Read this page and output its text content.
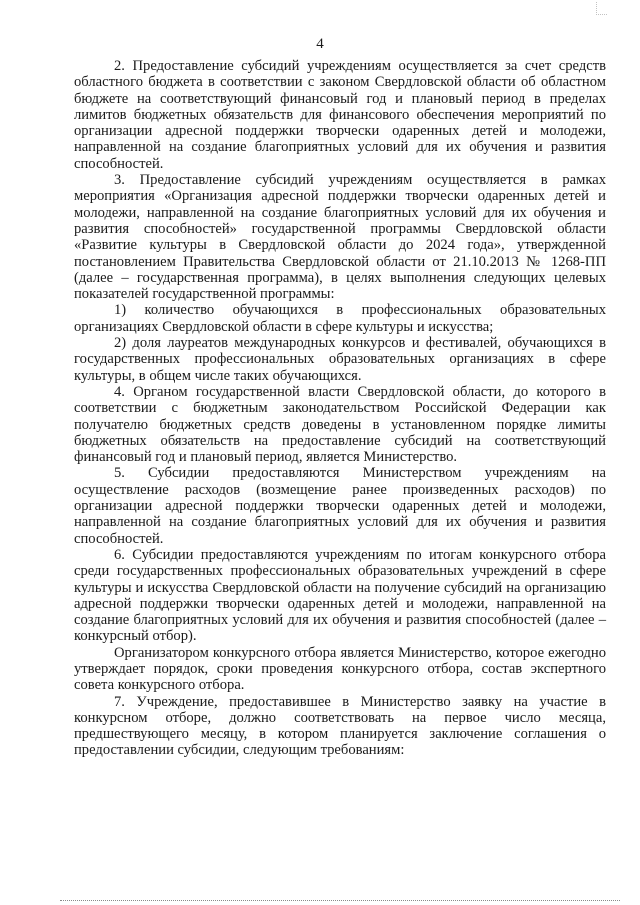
4

2. Предоставление субсидий учреждениям осуществляется за счет средств областного бюджета в соответствии с законом Свердловской области об областном бюджете на соответствующий финансовый год и плановый период в пределах лимитов бюджетных обязательств для финансового обеспечения мероприятий по организации адресной поддержки творчески одаренных детей и молодежи, направленной на создание благоприятных условий для их обучения и развития способностей.

3. Предоставление субсидий учреждениям осуществляется в рамках мероприятия «Организация адресной поддержки творчески одаренных детей и молодежи, направленной на создание благоприятных условий для их обучения и развития способностей» государственной программы Свердловской области «Развитие культуры в Свердловской области до 2024 года», утвержденной постановлением Правительства Свердловской области от 21.10.2013 № 1268-ПП (далее – государственная программа), в целях выполнения следующих целевых показателей государственной программы:

1) количество обучающихся в профессиональных образовательных организациях Свердловской области в сфере культуры и искусства;

2) доля лауреатов международных конкурсов и фестивалей, обучающихся в государственных профессиональных образовательных организациях в сфере культуры, в общем числе таких обучающихся.

4. Органом государственной власти Свердловской области, до которого в соответствии с бюджетным законодательством Российской Федерации как получателю бюджетных средств доведены в установленном порядке лимиты бюджетных обязательств на предоставление субсидий на соответствующий финансовый год и плановый период, является Министерство.

5. Субсидии предоставляются Министерством учреждениям на осуществление расходов (возмещение ранее произведенных расходов) по организации адресной поддержки творчески одаренных детей и молодежи, направленной на создание благоприятных условий для их обучения и развития способностей.

6. Субсидии предоставляются учреждениям по итогам конкурсного отбора среди государственных профессиональных образовательных учреждений в сфере культуры и искусства Свердловской области на получение субсидий на организацию адресной поддержки творчески одаренных детей и молодежи, направленной на создание благоприятных условий для их обучения и развития способностей (далее – конкурсный отбор).

Организатором конкурсного отбора является Министерство, которое ежегодно утверждает порядок, сроки проведения конкурсного отбора, состав экспертного совета конкурсного отбора.

7. Учреждение, предоставившее в Министерство заявку на участие в конкурсном отборе, должно соответствовать на первое число месяца, предшествующего месяцу, в котором планируется заключение соглашения о предоставлении субсидии, следующим требованиям:
